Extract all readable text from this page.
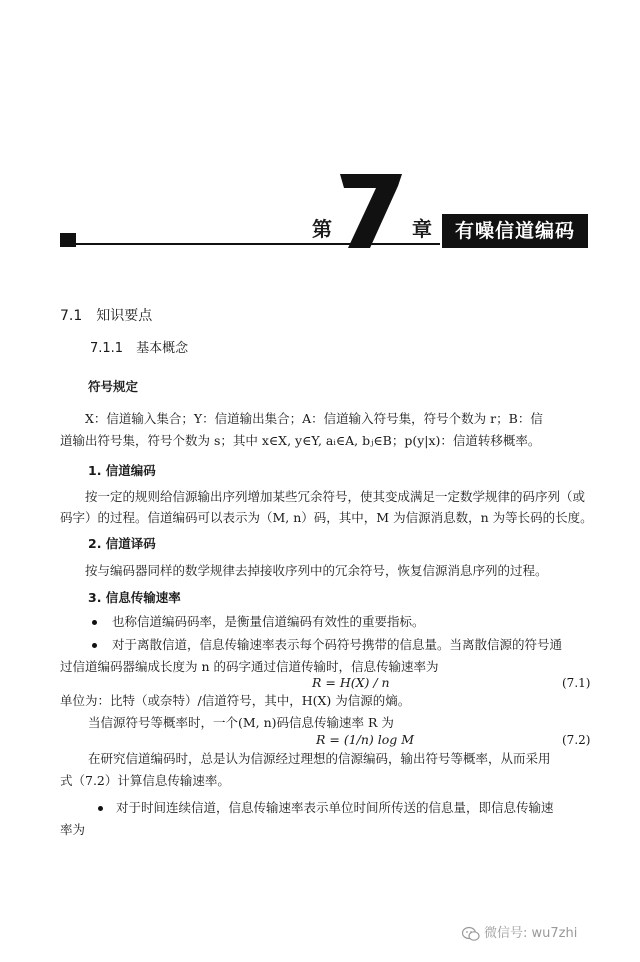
第
7
章	有噪信道编码
7.1　知识要点
7.1.1　基本概念
符号规定
X：信道输入集合；Y：信道输出集合；A：信道输入符号集，符号个数为 r；B：信
道输出符号集，符号个数为 s；其中 x∈X, y∈Y, aᵢ∈A, bⱼ∈B；p(y|x)：信道转移概率。
1. 信道编码
按一定的规则给信源输出序列增加某些冗余符号，使其变成满足一定数学规律的码序列（或
码字）的过程。信道编码可以表示为（M, n）码，其中，M 为信源消息数，n 为等长码的长度。
2. 信道译码
按与编码器同样的数学规律去掉接收序列中的冗余符号，恢复信源消息序列的过程。
3. 信息传输速率
也称信道编码码率，是衡量信道编码有效性的重要指标。
对于离散信道，信息传输速率表示每个码符号携带的信息量。当离散信源的符号通
过信道编码器编成长度为 n 的码字通过信道传输时，信息传输速率为
R = H(X) / n	(7.1)
单位为：比特（或奈特）/信道符号，其中，H(X) 为信源的熵。
当信源符号等概率时，一个(M, n)码信息传输速率 R 为
R = (1/n) log M	(7.2)
在研究信道编码时，总是认为信源经过理想的信源编码，输出符号等概率，从而采用
式（7.2）计算信息传输速率。
对于时间连续信道，信息传输速率表示单位时间所传送的信息量，即信息传输速
率为
微信号: wu7zhi
